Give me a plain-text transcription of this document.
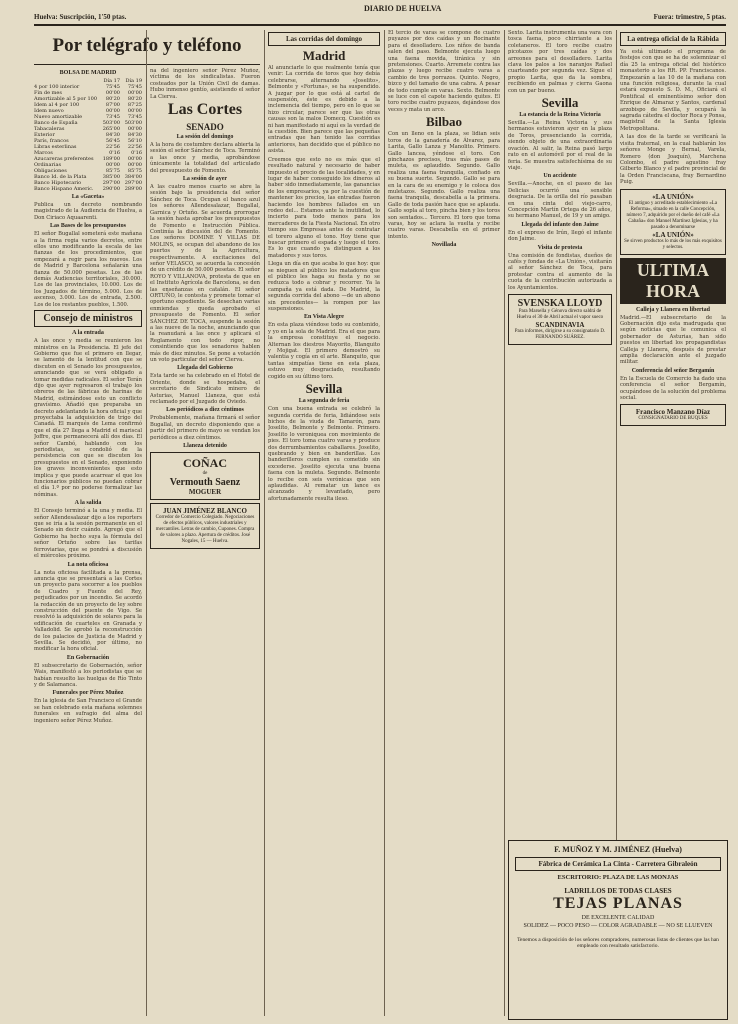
Huelva: Suscripción, 1'50 ptas.
DIARIO DE HUELVA
Fuera: trimestre, 5 ptas.
Por telégrafo y teléfono
BOLSA DE MADRID
	Día 17	Día 19
4 por 100 interior	75'45	75'45
Fin de mes	00'00	00'00
Amortizable al 5 por 100	80'20	80'20
Idem al 4 por 100	87'00	87'25
Idem nuevo	00'00	00'00
Nuevo amortizable	73'45	73'45
Banco de España	503'00	503'00
Tabacaleras	265'00	00'00
Exterior	84'30	84'30
París, francos	56'45	56'10
Libras esterlinas	22'56	22'56
Marcos	0'16	0'16
Azucareras preferentes	189'00	00'00
Ordinarias	00'00	00'00
Obligaciones	85'75	85'75
Banco Id. de la Plata	385'00	384'00
Banco Hipotecario	297'00	297'00
Banco Hispano Americ.	290'00	289'00
La «Gaceta»

Publica un decreto nombrando magistrado de la Audiencia de Huelva, a Don Ciriaco Aquaarenti.

Las Bases de los presupuestos

El señor Bugallal someterá este mañana a la firma regia varios decretos, entre ellos uno modificando la escala de las fianzas de los procedimientos, que empezará a regir para los nuevos. Los de Madrid y Barcelona señalarán una fianza de 50.000 pesetas. Los de las demás Audiencias territoriales, 30.000. Los de las provinciales, 10.000. Los de los Juzgados de término, 5.000. Los de ascenso, 3.000. Los de entrada, 2.500. Los de los restantes pueblos, 1.500.

Consejo de ministros
A la entrada

A las once y media se reunieron los ministros en la Presidencia. El jefe del Gobierno que fue el primero en llegar, se lamentó de la lentitud con que se discuten en el Senado los presupuestos, anunciando que se verá obligado a tomar medidas radicales. El señor Terán dijo que ayer regresaron el trabajo los obreros de las fábricas de harinas de Madrid, estimándose esto un conflicto gravísimo. Añadió que preparaba un decreto adelantando la hora oficial y que proyectaba la adquisición de trigo del Canadá. El marqués de Lema confirmó que el día 27 llega a Madrid el mariscal Joffre, que permanecerá allí dos días. El señor Cambó, hablando con los periodistas, se condolió de la persistencia con que se discuten los presupuestos en el Senado, exponiendo los graves inconvenientes que esto implica y que puede acarrear el que los funcionarios públicos no puedan cobrar el día 1.º por no poderse formalizar las nóminas.

A la salida

El Consejo terminó a la una y media. El señor Allendesalazar dijo a los reporters que se iría a la sesión permanente en el Senado sin decir cuándo. Agregó que el Gobierno ha hecho suya la fórmula del señor Ortuño sobre las tarifas ferroviarias, que se pondrá a discusión el miércoles próximo.

La nota oficiosa

La nota oficiosa facilitada a la prensa, anuncia que se presentará a las Cortes un proyecto para socorrer a los pueblos de Cuadro y Fuente del Rey, perjudicados por un incendio. Se acordó la redacción de un proyecto de ley sobre construcción del puente de Vigo. Se resolvió la adquisición de solares para la edificación de cuarteles en Granada y Valladolid. Se aprobó la reconstrucción de los palacios de Justicia de Madrid y Sevilla. Se decidió, por último, no modificar la hora oficial.

En Gobernación

El subsecretario de Gobernación, señor Wais, manifestó a los periodistas que se habían resuelto las huelgas de Río Tinto y de Salamanca.

Funerales por Pérez Muñoz

En la iglesia de San Francisco el Grande se han celebrado esta mañana solemnes funerales en sufragio del alma del ingeniero señor Pérez Muñoz.

na del ingeniero señor Pérez Muñoz, víctima de los sindicalistas. Fueron costeados por la Unión Civil de damas. Hubo inmenso gentío, asistiendo el señor La Cierva.

Las Cortes
SENADO
La sesión del domingo

A la hora de costumbre declara abierta la sesión el señor Sánchez de Toca. Terminó a las once y media, aprobándose únicamente la totalidad del articulado del presupuesto de Fomento.

La sesión de ayer

A las cuatro menos cuarto se abre la sesión bajo la presidencia del señor Sánchez de Toca. Ocupan el banco azul los señores Allendesalazar, Bugallal, Garnica y Ortuño. Se acuerda prorrogar la sesión hasta aprobar los presupuestos de Fomento e Instrucción Pública. Continúa la discusión del de Fomento. Los señores DOMINE Y VILLAS DE MOLINS, se ocupan del abandono de los puertos y de la Agricultura, respectivamente. A excitaciones del señor VELASCO, se acuerda la concesión de un crédito de 50.000 pesetas. El señor ROYO Y VILLANOVA, protesta de que en el Instituto Agrícola de Barcelona, se den las enseñanzas en catalán. El señor ORTUÑO, le contesta y promete tomar el oportuno expediente. Se desechan varias enmiendas y queda aprobado el presupuesto de Fomento. El señor SÁNCHEZ DE TOCA, suspende la sesión a las nueve de la noche, anunciando que la reanudará a las once y aplicará el Reglamento con todo rigor, no consintiendo que los senadores hablen más de diez minutos. Se pone a votación un voto particular del señor Cierva.

Llegada del Gobierno

Esta tarde se ha celebrado en el Hotel de Oriente, donde se hospedaba, el secretario de Sindicato minero de Asturias, Manuel Llaneza, que está reclamado por el Juzgado de Oviedo.

Los periódicos a diez céntimos

Probablemente, mañana firmará el señor Bugallal, un decreto disponiendo que a partir del primero de mayo se vendan los periódicos a diez céntimos.

Llaneza detenido
COÑAC
de
Vermouth Saenz
MOGUER
JUAN JIMÉNEZ BLANCO
Corredor de Comercio Colegiado. Negociaciones de efectos públicos, valores industriales y mercantiles. Letras de cambio, Cupones. Compra de valores a plazo. Apertura de créditos. José Nogales, 15 — Huelva.
Las corridas del domingo
Madrid

Al anunciarle lo que realmente tenía que venir: La corrida de toros que hoy debía celebrarse, alternando «Joselito», Belmonte y «Fortuna», se ha suspendido. A juzgar por lo que está al cartel de suspensión, éste es debido a la inclemencia del tiempo, pero en lo que se hizo circular, parece ser que las otras causas son la malos Domecq. Cuestión es ni han manifestado ni aquí es la verdad de la cuestión. Bien parece que las pequeñas entradas que han tenido las corridas anteriores, han decidido que el público no asista.

Creemos que esto no es más que el resultado natural y necesario de haber impuesto el precio de las localidades, y en lugar de haber conseguido los dineros al haber sido inmediatamente, las ganancias de los empresarios, ya por la cuestión de mantener los precios, las entradas fueron haciendo los hombres fallados en un rodeo del... Estamos ante la inutilidad, lo incierto para todo menos para los mercaderes de la Fiesta Nacional. En otro tiempo sus Empresas antes de contratar el torero alguno el tono. Hoy tiene que buscar primero el espada y luego el toro. Es lo que cuando ya distinguen a los matadores y sus toros.

Llega un día en que acaba lo que hoy: que se nieguen al público los matadores que el público les haga su fiesta y no se reduzca todo a cobrar y recorrer. Ya la campaña ya está dada. De Madrid, la segunda corrida del abono —de un abono sin precedentes— la rompen por las suspensiones.

En Vista Alegre

En esta plaza viéndose todo su contenido, y yo en la sola de Madrid. Era el que para la empresa constituye el negocio. Alternan los diestros Mayorito, Blanquito y Mojigat. El primero demostró su valentía y cogía en el arte. Blanquito, que tantas simpatías tiene en esta plaza, estuvo muy desgraciado, resultando cogido en su último toro.

Sevilla
La segunda de feria

Con una buena entrada se celebró la segunda corrida de feria, lidiándose seis bichos de la viuda de Tamarón, para Joselito, Belmonte y Belmonte. Primero. Joselito lo veroniquea con movimiento de pies. El toro toma cuatro varas y produce dos derrumbamientos caballares. Joselito, quebrando y bien en banderillas. Los banderilleros cumplen su cometido sin excederse. Joselito ejecuta una buena faena con la muleta. Segundo. Belmonte lo recibe con seis verónicas que son aplaudidas. Al rematar un lance es alcanzado y levantado, pero afortunadamente resulta ileso.

El tercio de varas se compone de cuatro puyazos por dos caídas y un Rocinante para el desolladero. Los niños de banda salen del paso. Belmonte ejecuta luego una faena movida, tiránica y sin pretensiones. Cuarto. Arremete contra las plazas y luego recibe cuatro varas a cambio de tres porrazos. Quinto. Negro, bizco y del tamaño de una cabra. A pesar de todo cumple en varas. Sexto. Belmonte se luce con el capote haciendo quites. El toro recibe cuatro puyazos, dejándose dos veces y mata un arco.

Bilbao

Con un lleno en la plaza, se lidian seis toros de la ganadería de Álvarez, para Larita, Gallo Lanza y Manolito. Primero. Gallo lancea, yéndose el toro. Con pinchazos precisos, tras más pases de muleta, es aplaudido. Segundo. Gallo realiza una faena tranquila, confiado en su buena suerte. Segundo. Gallo se para en la cara de su enemigo y le coloca dos muletazos. Segundo. Gallo realiza una faena tranquila, descabella a la primera. Gallo de toda pasión hace que se aplauda. Gallo sopla al toro, pincha bien y los toros son sentados... Tercero. El toro que toma varas, hoy se aclara la vuelta y recibe cuatro varas. Descabella en el primer intento.

Novillada

Sexto. Larita instrumenta una vara con tosca faena, poco chirriante a los coletaneros. El toro recibe cuatro picotazos por tres caídas y dos arreones para el desolladero. Larita clava los palos a los naranjos Rafael cuarteando por segunda vez. Sigue el propio Larita, que da la sombra, recibiendo en palmas y cierra Gaona con un par bueno.

Sevilla
La estancia de la Reina Victoria

Sevilla.—La Reina Victoria y sus hermanos estuvieron ayer en la plaza de Toros, presenciando la corrida, siendo objeto de una extraordinaria ovación. Al salir, la Reina pasó largo rato en el automóvil por el real de la feria. Se muestra satisfechísima de su viaje.

Un accidente

Sevilla.—Anoche, en el paseo de las Delicias ocurrió una sensible desgracia. De la orilla del río pasaban en una cinta del viejo-carro, Concepción Martín Ortega de 26 años, su hermano Manuel, de 19 y un amigo.

Llegada del infante don Jaime

En el expreso de Irún, llegó el infante don Jaime.

Visita de protesta

Una comisión de fondistas, dueños de cafés y fondas de «La Unión», visitarán al señor Sánchez de Toca, para protestar contra el aumento de la cuota de la contribución autorizada a los Ayuntamientos.

SVENSKA LLOYD
Para Marsella y Génova directo saldrá de Huelva el 30 de Abril actual el vapor sueco
SCANDINAVIA
Para informes, dirigirse a su consignatario D. FERNANDO SUÁREZ.
La entrega oficial de la Rábida

Ya está ultimado el programa de festejos con que se ha de solemnizar el día 25 la entrega oficial del histórico monasterio a los RR. PP. Franciscanos. Empezarán a las 10 de la mañana con una función religiosa, durante la cual estará expuesto S. D. M., Oficiará el Pontifical el eminentísimo señor don Enrique de Almaraz y Santos, cardenal arzobispo de Sevilla, y ocupará la sagrada cátedra el doctor Roca y Ponsa, magistral de la Santa Iglesia Metropolitana.

A las dos de la tarde se verificará la visita fraternal, en la cual hablarán los señores Monge y Bernal, Varela, Romero (don Joaquín), Marchena Colombo, el padre agustino fray Gilberto Blanco y el padre provincial de la Orden Franciscana, fray Bernardino Puig.

«LA UNIÓN»
El antiguo y acreditado establecimiento «La Reforma», situado en la calle Concepción, número 7, adquirido por el dueño del café «La Cabaña» don Manuel Martínez Iglesias, y ha pasado a denominarse
«LA UNIÓN»
Se sirven productos lo más de los más exquisitos y selectos.
ULTIMA HORA
Calleja y Llanera en libertad

Madrid.—El subsecretario de la Gobernación dijo esta madrugada que según noticias que le comunica el gobernador de Asturias, han sido puestos en libertad los propagandistas Calleja y Llanera, después de prestar amplia declaración ante el juzgado militar.

Conferencia del señor Bergamín

En la Escuela de Comercio ha dado una conferencia el señor Bergamín, ocupándose de la solución del problema social.

Francisco Manzano Díaz
CONSIGNATARIO DE BUQUES
F. MUÑOZ Y M. JIMÉNEZ (Huelva)
Fábrica de Cerámica La Cinta - Carretera Gibraleón
ESCRITORIO: PLAZA DE LAS MONJAS
LADRILLOS DE TODAS CLASES
TEJAS PLANAS
DE EXCELENTE CALIDAD
SOLIDEZ — POCO PESO — COLOR AGRADABLE — NO SE LLUEVEN
Tenemos a disposición de los señores compradores, numerosas listas de clientes que las han empleado con resultado satisfactorio.
